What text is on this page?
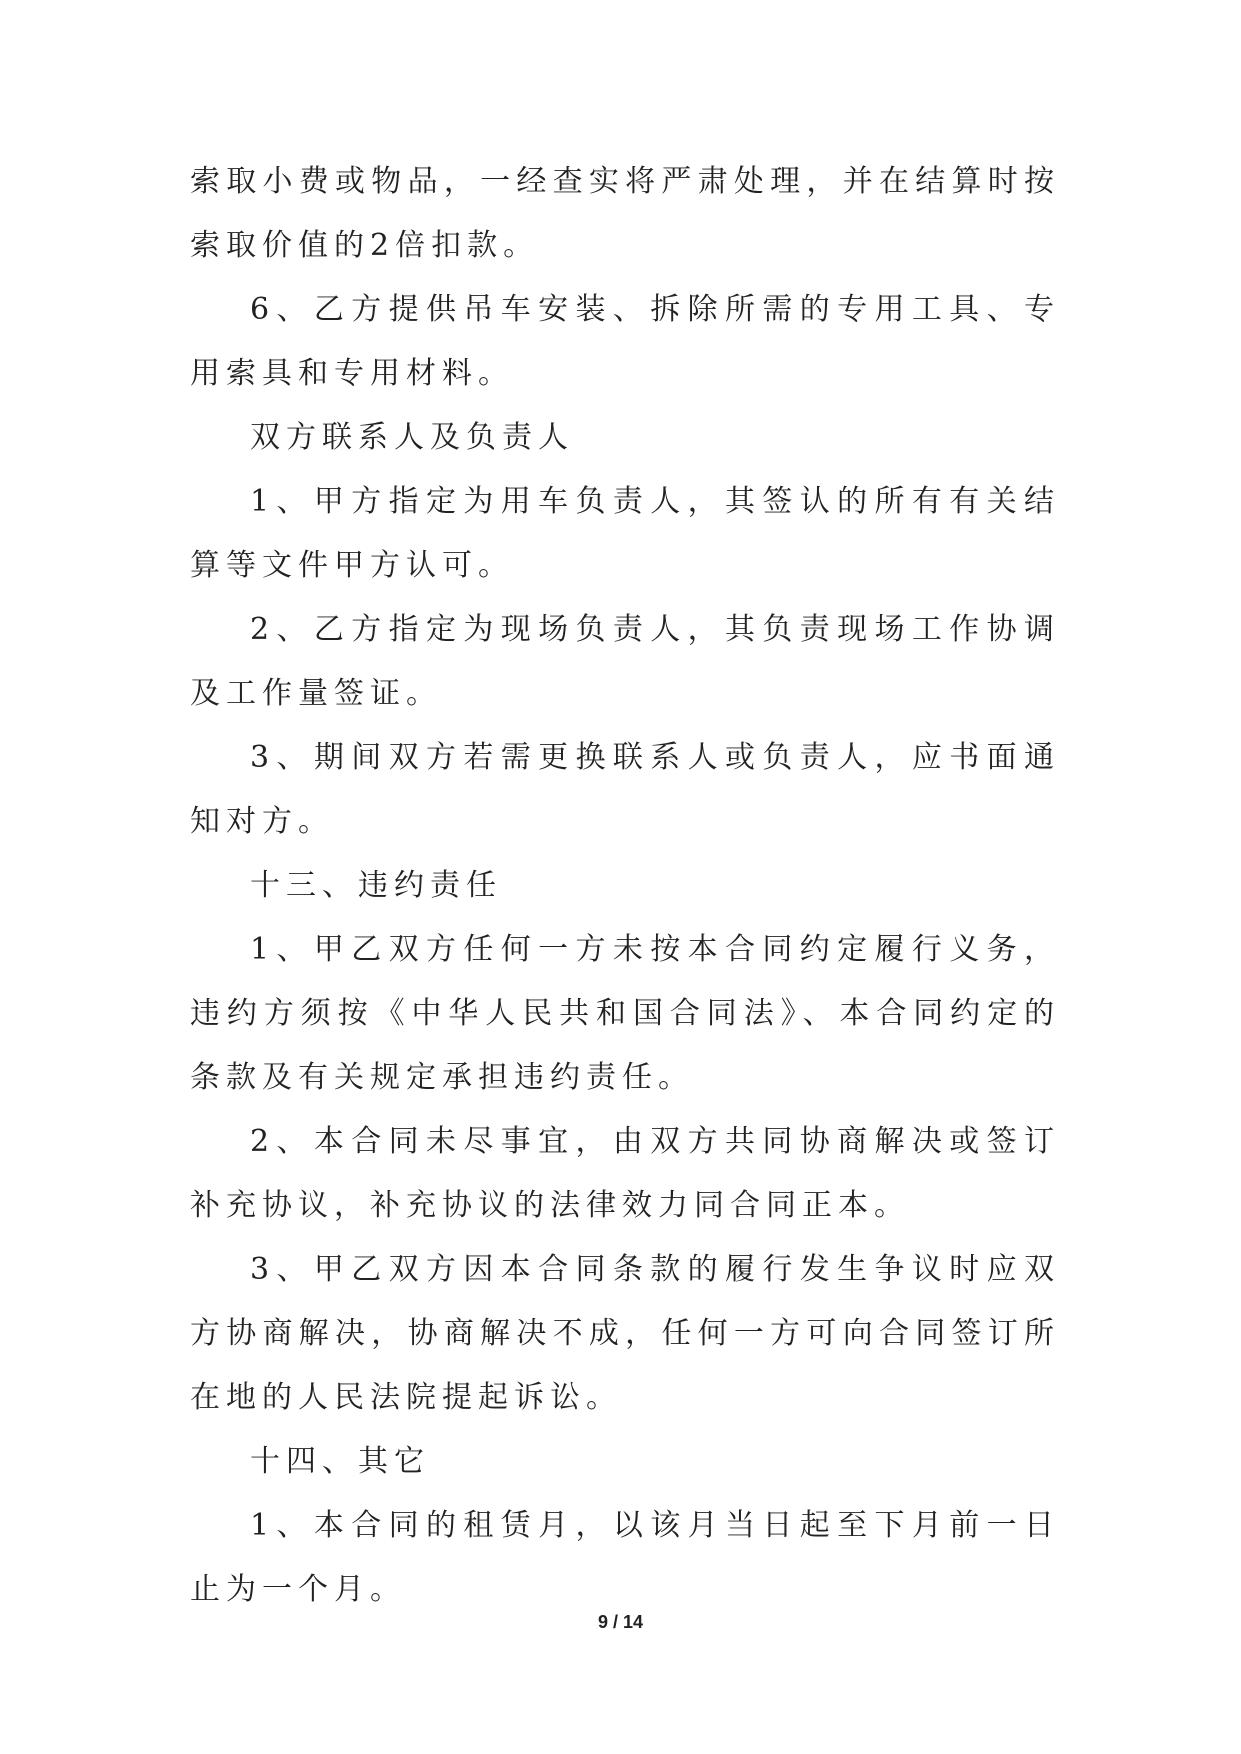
索取小费或物品，一经查实将严肃处理，并在结算时按索取价值的2倍扣款。

6、乙方提供吊车安装、拆除所需的专用工具、专用索具和专用材料。

双方联系人及负责人

1、甲方指定为用车负责人，其签认的所有有关结算等文件甲方认可。

2、乙方指定为现场负责人，其负责现场工作协调及工作量签证。

3、期间双方若需更换联系人或负责人，应书面通知对方。

十三、违约责任

1、甲乙双方任何一方未按本合同约定履行义务，违约方须按《中华人民共和国合同法》、本合同约定的条款及有关规定承担违约责任。

2、本合同未尽事宜，由双方共同协商解决或签订补充协议，补充协议的法律效力同合同正本。

3、甲乙双方因本合同条款的履行发生争议时应双方协商解决，协商解决不成，任何一方可向合同签订所在地的人民法院提起诉讼。

十四、其它

1、本合同的租赁月，以该月当日起至下月前一日止为一个月。

9 / 14
